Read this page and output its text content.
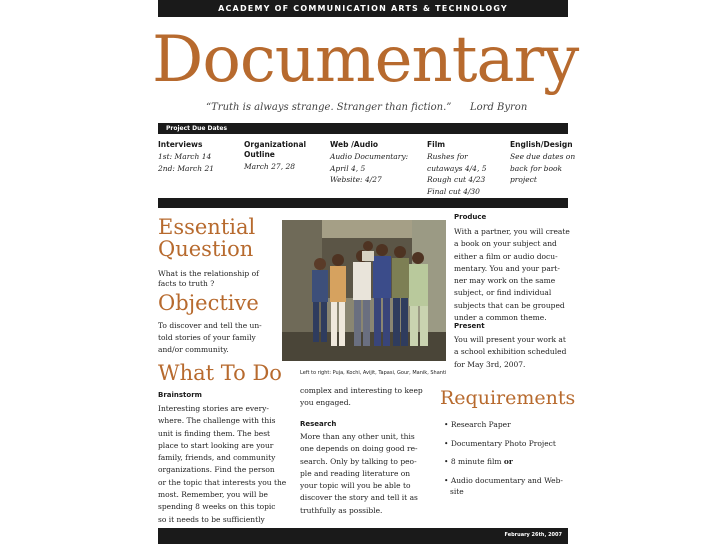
ACADEMY OF COMMUNICATION ARTS & TECHNOLOGY
Documentary
“Truth is always strange. Stranger than fiction.” Lord Byron
Project Due Dates
Interviews
1st: March 14
2nd: March 21
Organizational
Outline
March 27, 28
Web /Audio
Audio Documentary:
April 4, 5
Website: 4/27
Film
Rushes for
cutaways 4/4, 5
Rough cut 4/23
Final cut 4/30
English/Design
See due dates on
back for book
project
Essential
Question
What is the relationship of
facts to truth ?
Objective
To discover and tell the un-
told stories of your family
and/or community.
What To Do
Brainstorm
Interesting stories are every-
where. The challenge with this
unit is finding them. The best
place to start looking are your
family, friends, and community
organizations. Find the person
or the topic that interests you the
most. Remember, you will be
spending 8 weeks on this topic
so it needs to be sufficiently
Left to right: Puja, Kochi, Avijit, Tapasi, Gour, Manik, Shanti
complex and interesting to keep
you engaged.
Research
More than any other unit, this
one depends on doing good re-
search. Only by talking to peo-
ple and reading literature on
your topic will you be able to
discover the story and tell it as
truthfully as possible.
Produce
With a partner, you will create
a book on your subject and
either a film or audio docu-
mentary. You and your part-
ner may work on the same
subject, or find individual
subjects that can be grouped
under a common theme.
Present
You will present your work at
a school exhibition scheduled
for May 3rd, 2007.
Requirements
• Research Paper
• Documentary Photo Project
• 8 minute film or
• Audio documentary and Web-
site
February 26th, 2007
